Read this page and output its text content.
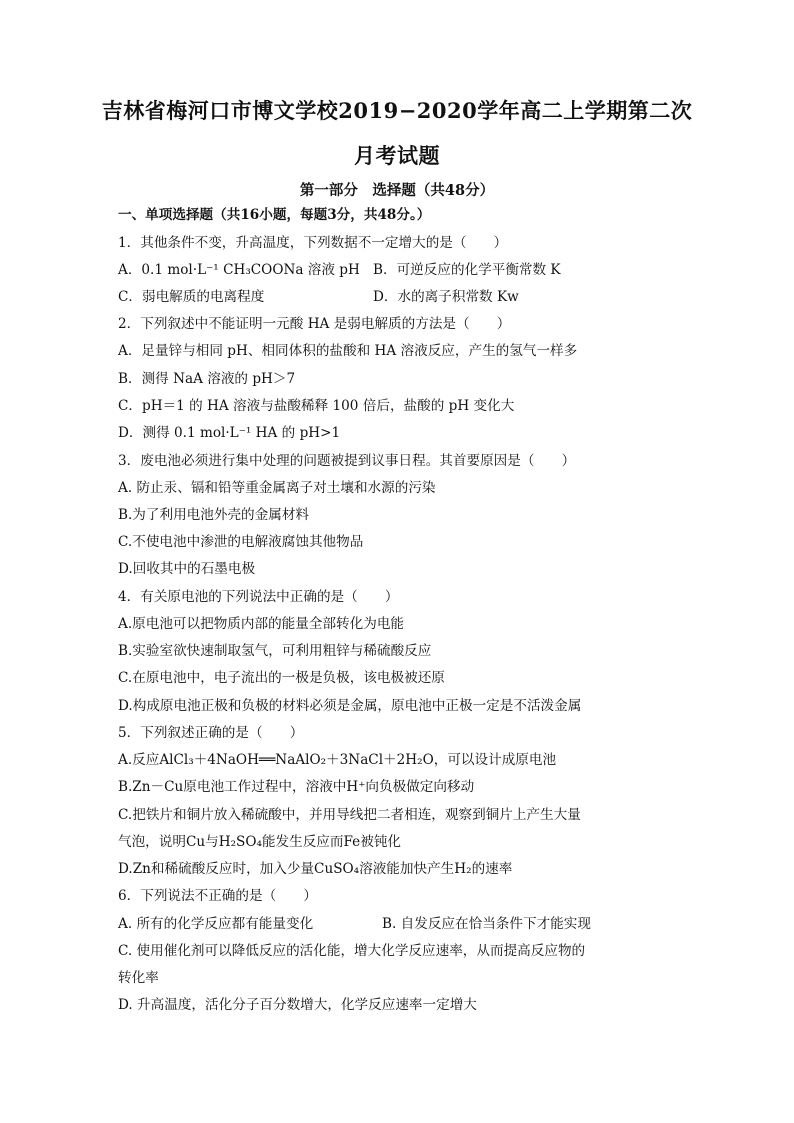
吉林省梅河口市博文学校2019−2020学年高二上学期第二次
月考试题
第一部分　选择题（共48分）
一、单项选择题（共16小题，每题3分，共48分。）
1．其他条件不变，升高温度，下列数据不一定增大的是（　　）
A．0.1 mol·L⁻¹ CH₃COONa 溶液 pH B．可逆反应的化学平衡常数 K
C．弱电解质的电离程度	D．水的离子积常数 Kw
2．下列叙述中不能证明一元酸 HA 是弱电解质的方法是（　　）
A．足量锌与相同 pH、相同体积的盐酸和 HA 溶液反应，产生的氢气一样多
B．测得 NaA 溶液的 pH＞7
C．pH＝1 的 HA 溶液与盐酸稀释 100 倍后，盐酸的 pH 变化大
D．测得 0.1 mol·L⁻¹ HA 的 pH>1
3．废电池必须进行集中处理的问题被提到议事日程。其首要原因是（　　）
A. 防止汞、镉和铅等重金属离子对土壤和水源的污染
B.为了利用电池外壳的金属材料
C.不使电池中渗泄的电解液腐蚀其他物品
D.回收其中的石墨电极
4．有关原电池的下列说法中正确的是（　　）
A.原电池可以把物质内部的能量全部转化为电能
B.实验室欲快速制取氢气，可利用粗锌与稀硫酸反应
C.在原电池中，电子流出的一极是负极，该电极被还原
D.构成原电池正极和负极的材料必须是金属，原电池中正极一定是不活泼金属
5．下列叙述正确的是（　　）
A.反应AlCl₃＋4NaOH══NaAlO₂＋3NaCl＋2H₂O，可以设计成原电池
B.Zn－Cu原电池工作过程中，溶液中H⁺向负极做定向移动
C.把铁片和铜片放入稀硫酸中，并用导线把二者相连，观察到铜片上产生大量
气泡，说明Cu与H₂SO₄能发生反应而Fe被钝化
D.Zn和稀硫酸反应时，加入少量CuSO₄溶液能加快产生H₂的速率
6．下列说法不正确的是（　　）
A. 所有的化学反应都有能量变化	B. 自发反应在恰当条件下才能实现
C. 使用催化剂可以降低反应的活化能，增大化学反应速率，从而提高反应物的
转化率
D. 升高温度，活化分子百分数增大，化学反应速率一定增大
